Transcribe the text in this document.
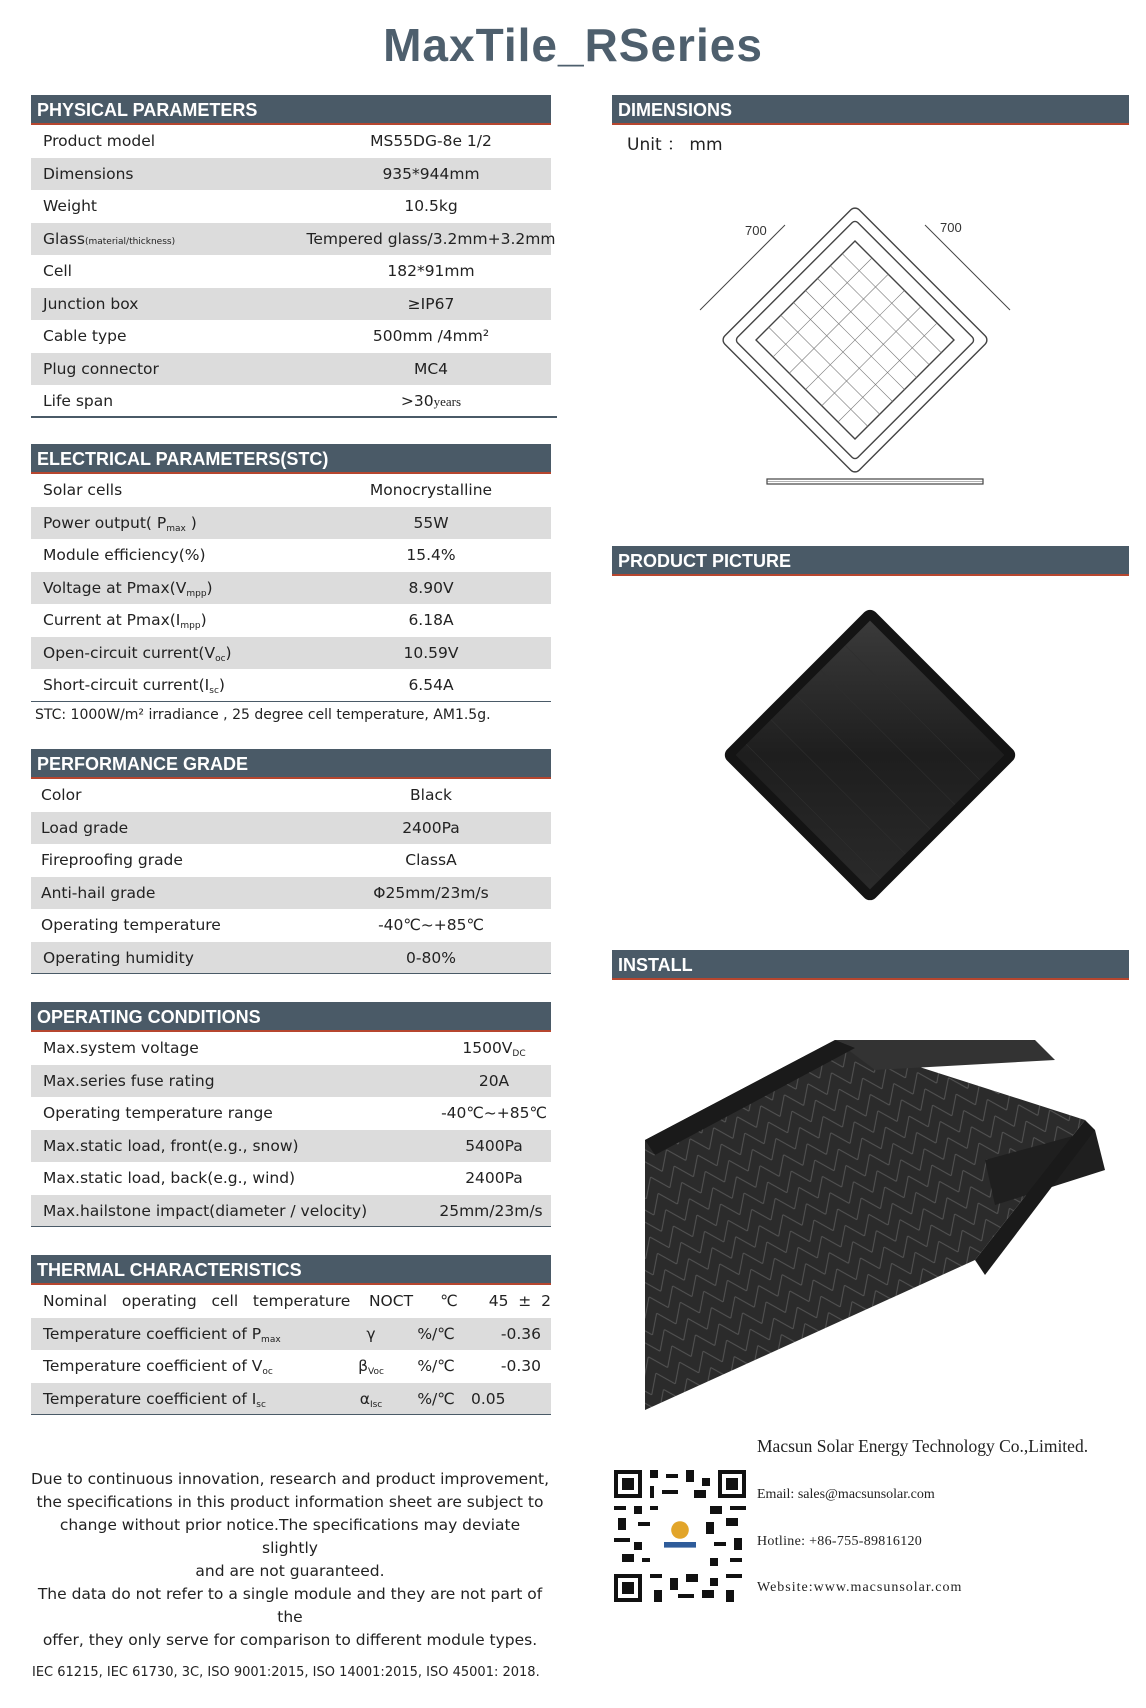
MaxTile_RSeries
PHYSICAL PARAMETERS
Product model	MS55DG-8e 1/2
Dimensions	935*944mm
Weight	10.5kg
Glass(material/thickness)	Tempered glass/3.2mm+3.2mm
Cell	182*91mm
Junction box	≥IP67
Cable type	500mm /4mm²
Plug connector	MC4
Life span	>30years
ELECTRICAL PARAMETERS(STC)
Solar cells	Monocrystalline
Power output( $P_{max}$ )	55W
Module efficiency(%)	15.4%
Voltage at $Pmax(V_{mpp})$	8.90V
Current at $Pmax(I_{mpp})$	6.18A
Open-circuit $current(V_{oc})$	10.59V
Short-circuit $current(I_{sc})$	6.54A
STC: 1000W/m² irradiance , 25 degree cell temperature, AM1.5g.
PERFORMANCE GRADE
Color	Black
Load grade	2400Pa
Fireproofing grade	ClassA
Anti-hail grade	Φ25mm/23m/s
Operating temperature	-40℃~+85℃
Operating humidity	0-80%
OPERATING CONDITIONS
Max.system voltage	$1500V_{DC}$
Max.series fuse rating	20A
Operating temperature range	-40℃~+85℃
Max.static load, front(e.g., snow)	5400Pa
Max.static load, back(e.g., wind)	2400Pa
Max.hailstone impact(diameter / velocity)	25mm/23m/s
THERMAL CHARACTERISTICS
Nominal   operating   cell   temperature	NOCT	℃	45  ±  2
Temperature coefficient of $P_{max}$	γ	%/℃	-0.36
Temperature coefficient of $V_{oc}$	$\beta_{Voc}$	%/℃	-0.30
Temperature coefficient of $I_{sc}$	$\alpha_{Isc}$	%/℃	0.05
DIMENSIONS
Unit ： mm
700	700
PRODUCT PICTURE
INSTALL
Due to continuous innovation, research and product improvement,
the specifications in this product information sheet are subject to
change without prior notice.The specifications may deviate slightly
and are not guaranteed.
The data do not refer to a single module and they are not part of the
offer, they only serve for comparison to different module types.
Macsun Solar Energy Technology Co.,Limited.
Email: sales@macsunsolar.com
Hotline: +86-755-89816120
Website:www.macsunsolar.com
IEC 61215, IEC 61730, 3C, ISO 9001:2015, ISO 14001:2015, ISO 45001: 2018.
